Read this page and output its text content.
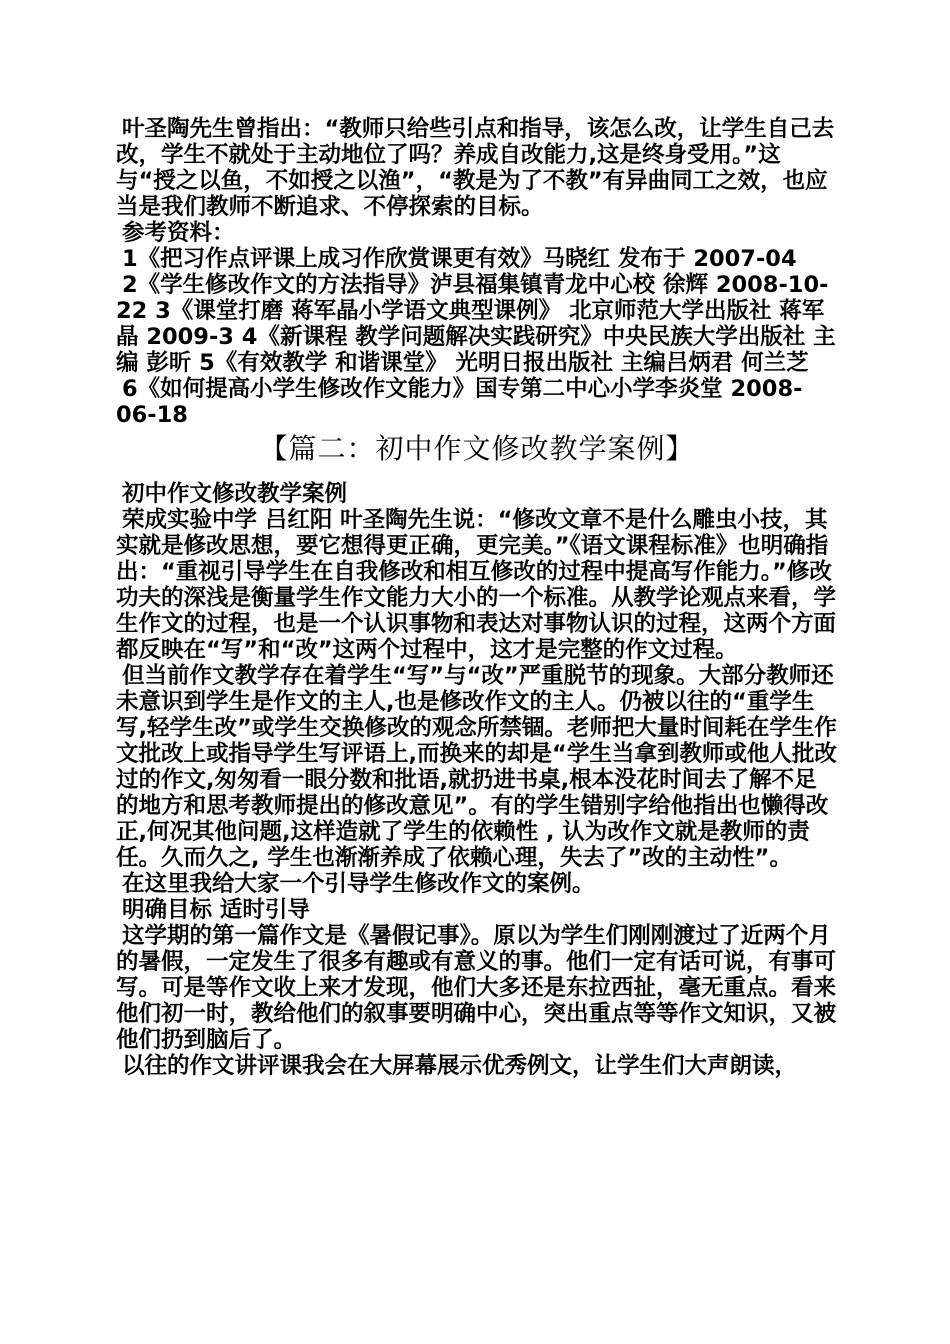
叶圣陶先生曾指出：“教师只给些引点和指导，该怎么改，让学生自己去改，学生不就处于主动地位了吗？养成自改能力,这是终身受用。”这与“授之以鱼，不如授之以渔”，“教是为了不教”有异曲同工之效，也应当是我们教师不断追求、不停探索的目标。

参考资料：

1《把习作点评课上成习作欣赏课更有效》马晓红 发布于 2007-04

2《学生修改作文的方法指导》泸县福集镇青龙中心校 徐辉 2008-10-22 3《课堂打磨 蒋军晶小学语文典型课例》 北京师范大学出版社 蒋军晶 2009-3 4《新课程 教学问题解决实践研究》中央民族大学出版社 主编 彭昕 5《有效教学 和谐课堂》 光明日报出版社 主编吕炳君 何兰芝

6《如何提高小学生修改作文能力》国专第二中心小学李炎堂 2008-06-18

【篇二：初中作文修改教学案例】

初中作文修改教学案例

荣成实验中学 吕红阳 叶圣陶先生说：“修改文章不是什么雕虫小技，其实就是修改思想，要它想得更正确，更完美。”《语文课程标准》也明确指出：“重视引导学生在自我修改和相互修改的过程中提高写作能力。”修改功夫的深浅是衡量学生作文能力大小的一个标准。从教学论观点来看，学生作文的过程，也是一个认识事物和表达对事物认识的过程，这两个方面都反映在“写”和“改”这两个过程中，这才是完整的作文过程。

但当前作文教学存在着学生“写”与“改”严重脱节的现象。大部分教师还未意识到学生是作文的主人,也是修改作文的主人。仍被以往的“重学生写,轻学生改”或学生交换修改的观念所禁锢。老师把大量时间耗在学生作文批改上或指导学生写评语上,而换来的却是“学生当拿到教师或他人批改过的作文,匆匆看一眼分数和批语,就扔进书桌,根本没花时间去了解不足的地方和思考教师提出的修改意见”。有的学生错别字给他指出也懒得改正,何况其他问题,这样造就了学生的依赖性 , 认为改作文就是教师的责任。久而久之, 学生也渐渐养成了依赖心理，失去了”改的主动性”。

在这里我给大家一个引导学生修改作文的案例。

明确目标 适时引导

这学期的第一篇作文是《暑假记事》。原以为学生们刚刚渡过了近两个月的暑假，一定发生了很多有趣或有意义的事。他们一定有话可说，有事可写。可是等作文收上来才发现，他们大多还是东拉西扯，毫无重点。看来他们初一时，教给他们的叙事要明确中心，突出重点等等作文知识，又被他们扔到脑后了。

以往的作文讲评课我会在大屏幕展示优秀例文，让学生们大声朗读，
